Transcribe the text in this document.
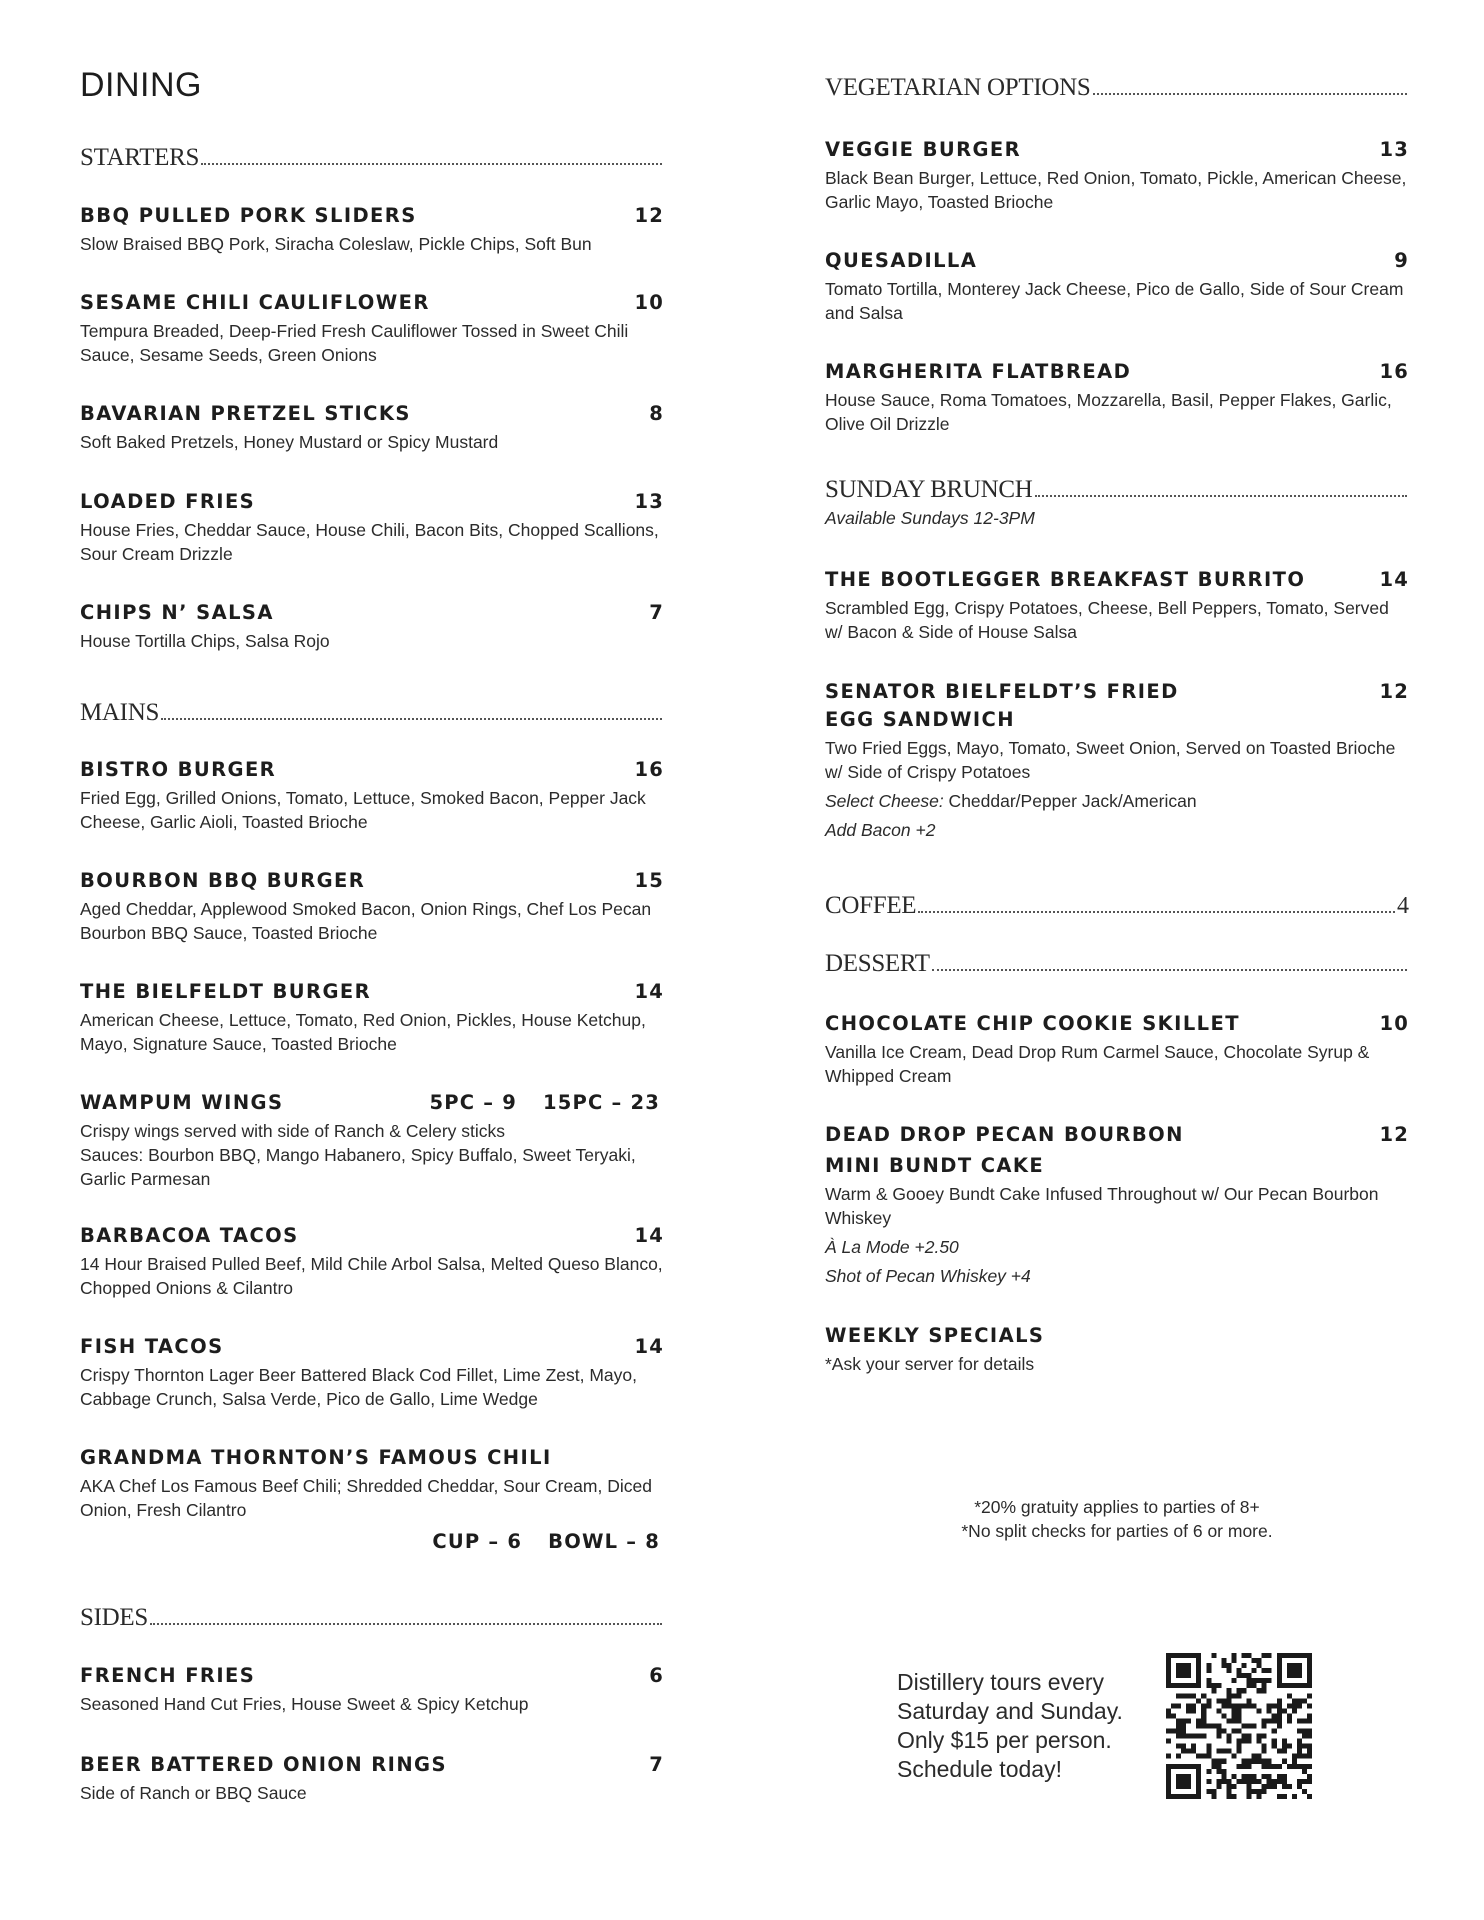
DINING
STARTERS
BBQ PULLED PORK SLIDERS	12
Slow Braised BBQ Pork, Siracha Coleslaw, Pickle Chips, Soft Bun
SESAME CHILI CAULIFLOWER	10
Tempura Breaded, Deep-Fried Fresh Cauliflower Tossed in Sweet Chili Sauce, Sesame Seeds, Green Onions
BAVARIAN PRETZEL STICKS	8
Soft Baked Pretzels, Honey Mustard or Spicy Mustard
LOADED FRIES	13
House Fries, Cheddar Sauce, House Chili, Bacon Bits, Chopped Scallions, Sour Cream Drizzle
CHIPS N’ SALSA	7
House Tortilla Chips, Salsa Rojo
MAINS
BISTRO BURGER	16
Fried Egg, Grilled Onions, Tomato, Lettuce, Smoked Bacon, Pepper Jack Cheese, Garlic Aioli, Toasted Brioche
BOURBON BBQ BURGER	15
Aged Cheddar, Applewood Smoked Bacon, Onion Rings, Chef Los Pecan Bourbon BBQ Sauce, Toasted Brioche
THE BIELFELDT BURGER	14
American Cheese, Lettuce, Tomato, Red Onion, Pickles, House Ketchup, Mayo, Signature Sauce, Toasted Brioche
WAMPUM WINGS	5PC – 9 15PC – 23
Crispy wings served with side of Ranch & Celery sticks
Sauces: Bourbon BBQ, Mango Habanero, Spicy Buffalo, Sweet Teryaki, Garlic Parmesan
BARBACOA TACOS	14
14 Hour Braised Pulled Beef, Mild Chile Arbol Salsa, Melted Queso Blanco, Chopped Onions & Cilantro
FISH TACOS	14
Crispy Thornton Lager Beer Battered Black Cod Fillet, Lime Zest, Mayo, Cabbage Crunch, Salsa Verde, Pico de Gallo, Lime Wedge
GRANDMA THORNTON’S FAMOUS CHILI
AKA Chef Los Famous Beef Chili; Shredded Cheddar, Sour Cream, Diced Onion, Fresh Cilantro
CUP – 6 BOWL – 8
SIDES
FRENCH FRIES	6
Seasoned Hand Cut Fries, House Sweet & Spicy Ketchup
BEER BATTERED ONION RINGS	7
Side of Ranch or BBQ Sauce
VEGETARIAN OPTIONS
VEGGIE BURGER	13
Black Bean Burger, Lettuce, Red Onion, Tomato, Pickle, American Cheese, Garlic Mayo, Toasted Brioche
QUESADILLA	9
Tomato Tortilla, Monterey Jack Cheese, Pico de Gallo, Side of Sour Cream and Salsa
MARGHERITA FLATBREAD	16
House Sauce, Roma Tomatoes, Mozzarella, Basil, Pepper Flakes, Garlic, Olive Oil Drizzle
SUNDAY BRUNCH
Available Sundays 12-3PM
THE BOOTLEGGER BREAKFAST BURRITO	14
Scrambled Egg, Crispy Potatoes, Cheese, Bell Peppers, Tomato, Served w/ Bacon & Side of House Salsa
SENATOR BIELFELDT’S FRIED	12
EGG SANDWICH
Two Fried Eggs, Mayo, Tomato, Sweet Onion, Served on Toasted Brioche w/ Side of Crispy Potatoes
Select Cheese: Cheddar/Pepper Jack/American
Add Bacon +2
COFFEE	4
DESSERT
CHOCOLATE CHIP COOKIE SKILLET	10
Vanilla Ice Cream, Dead Drop Rum Carmel Sauce, Chocolate Syrup & Whipped Cream
DEAD DROP PECAN BOURBON	12
MINI BUNDT CAKE
Warm & Gooey Bundt Cake Infused Throughout w/ Our Pecan Bourbon Whiskey
À La Mode +2.50
Shot of Pecan Whiskey +4
WEEKLY SPECIALS
*Ask your server for details
*20% gratuity applies to parties of 8+
*No split checks for parties of 6 or more.
Distillery tours every
Saturday and Sunday.
Only $15 per person.
Schedule today!
